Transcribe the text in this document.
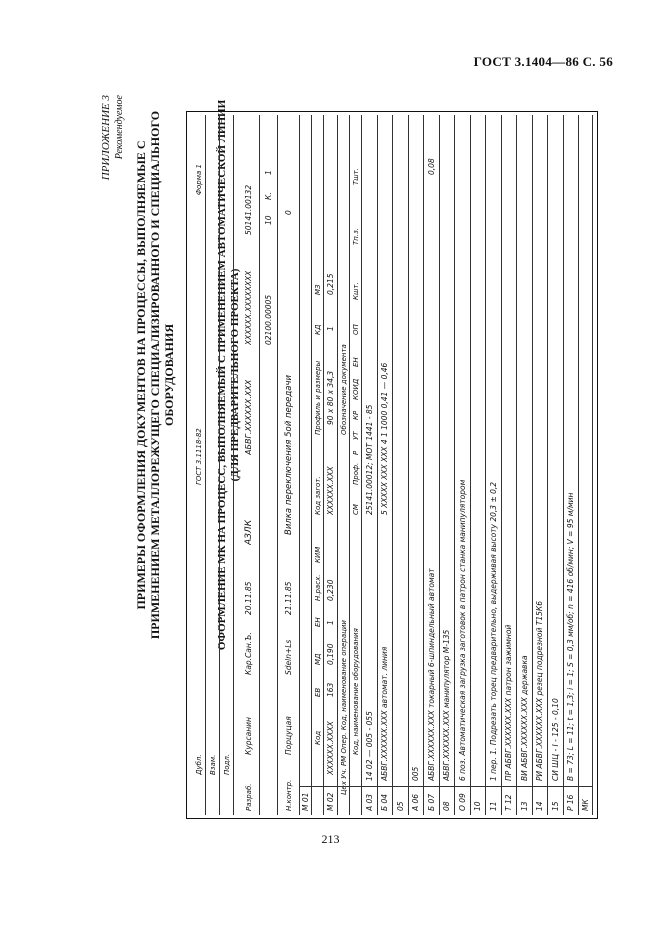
ГОСТ 3.1404—86 С. 56
ПРИЛОЖЕНИЕ 3 Рекомендуемое
ПРИМЕРЫ ОФОРМЛЕНИЯ ДОКУМЕНТОВ НА ПРОЦЕССЫ, ВЫПОЛНЯЕМЫЕ С ПРИМЕНЕНИЕМ МЕТАЛЛОРЕЖУЩЕГО СПЕЦИАЛИЗИРОВАННОГО И СПЕЦИАЛЬНОГО ОБОРУДОВАНИЯ	ОФОРМЛЕНИЕ МК НА ПРОЦЕСС, ВЫПОЛНЯЕМЫЙ С ПРИМЕНЕНИЕМ АВТОМАТИЧЕСКОЙ ЛИНИИ (ДЛЯ ПРЕДВАРИТЕЛЬНОГО ПРОЕКТА)
Дубл.
ГОСТ 3.1118-82
Форма 1
Взам. Подл.
Разраб.
Курсанин
Кар.Сан.Ъ.
20.11.85
АЗЛК
АБВГ.ХХХХХХ.ХХХ
ХХХХХХ.ХХХХХХХХ
50141.00132
02100.00005
10
1
К.
Н.контр.
Порцуцая
Sdeln+Ls
21.11.85
Вилка переключения 5ой передачи
0
М 01
Код
ЕВ
МД
ЕН
Н.расх.
КИМ
Код загот.
Профиль и размеры
КД
МЗ
М 02
ХХХХХХ.ХХХХ
163
0,190
1
0,230
ХХХХХХ.ХХХ
90 х 80 х 34,3
1
0,215
Цех Уч. РМ Опер. Код, наименование операции
Обозначение документа
Код, наименование оборудования
СМ
Проф.
Р
УТ
КР
КОИД
ЕН
ОП
Кшт.
Тп.з.
Тшт.
А 03
14 02 — 005 - 055
25141.00012; МОТ 1441 - 85
Б 04
АБВГ.ХХХХХХ.ХХХ автомат. линия
5 ХХХХХ ХХХ ХХХ 4 1 1000 0,41 — 0,46
05 А 06
005
Б 07
АБВГ.ХХХХХХ.ХХХ токарный 6-шпиндельный автомат
0,08
08
АБВГ.ХХХХХХ.ХХХ манипулятор М-135
О 09
6 поз. Автоматическая загрузка заготовок в патрон станка манипулятором
10 11
1 пер. 1. Подрезать торец предварительно, выдерживая высоту 20,3 ± 0,2
Т 12
ПР АБВГ.ХХХХХХ.ХХХ патрон зажимной
13
ВИ АБВГ.ХХХХХХ.ХХХ державка
14
РИ АБВГ.ХХХХХХ.ХХХ резец подрезной Т15К6
15
СИ ШЦ - I - 125 - 0,10
Р 16
В = 73; L = 11; t = 1,3; i = 1; S = 0,3 мм/об; n = 416 об/мин; V = 95 м/мин
МК
213
